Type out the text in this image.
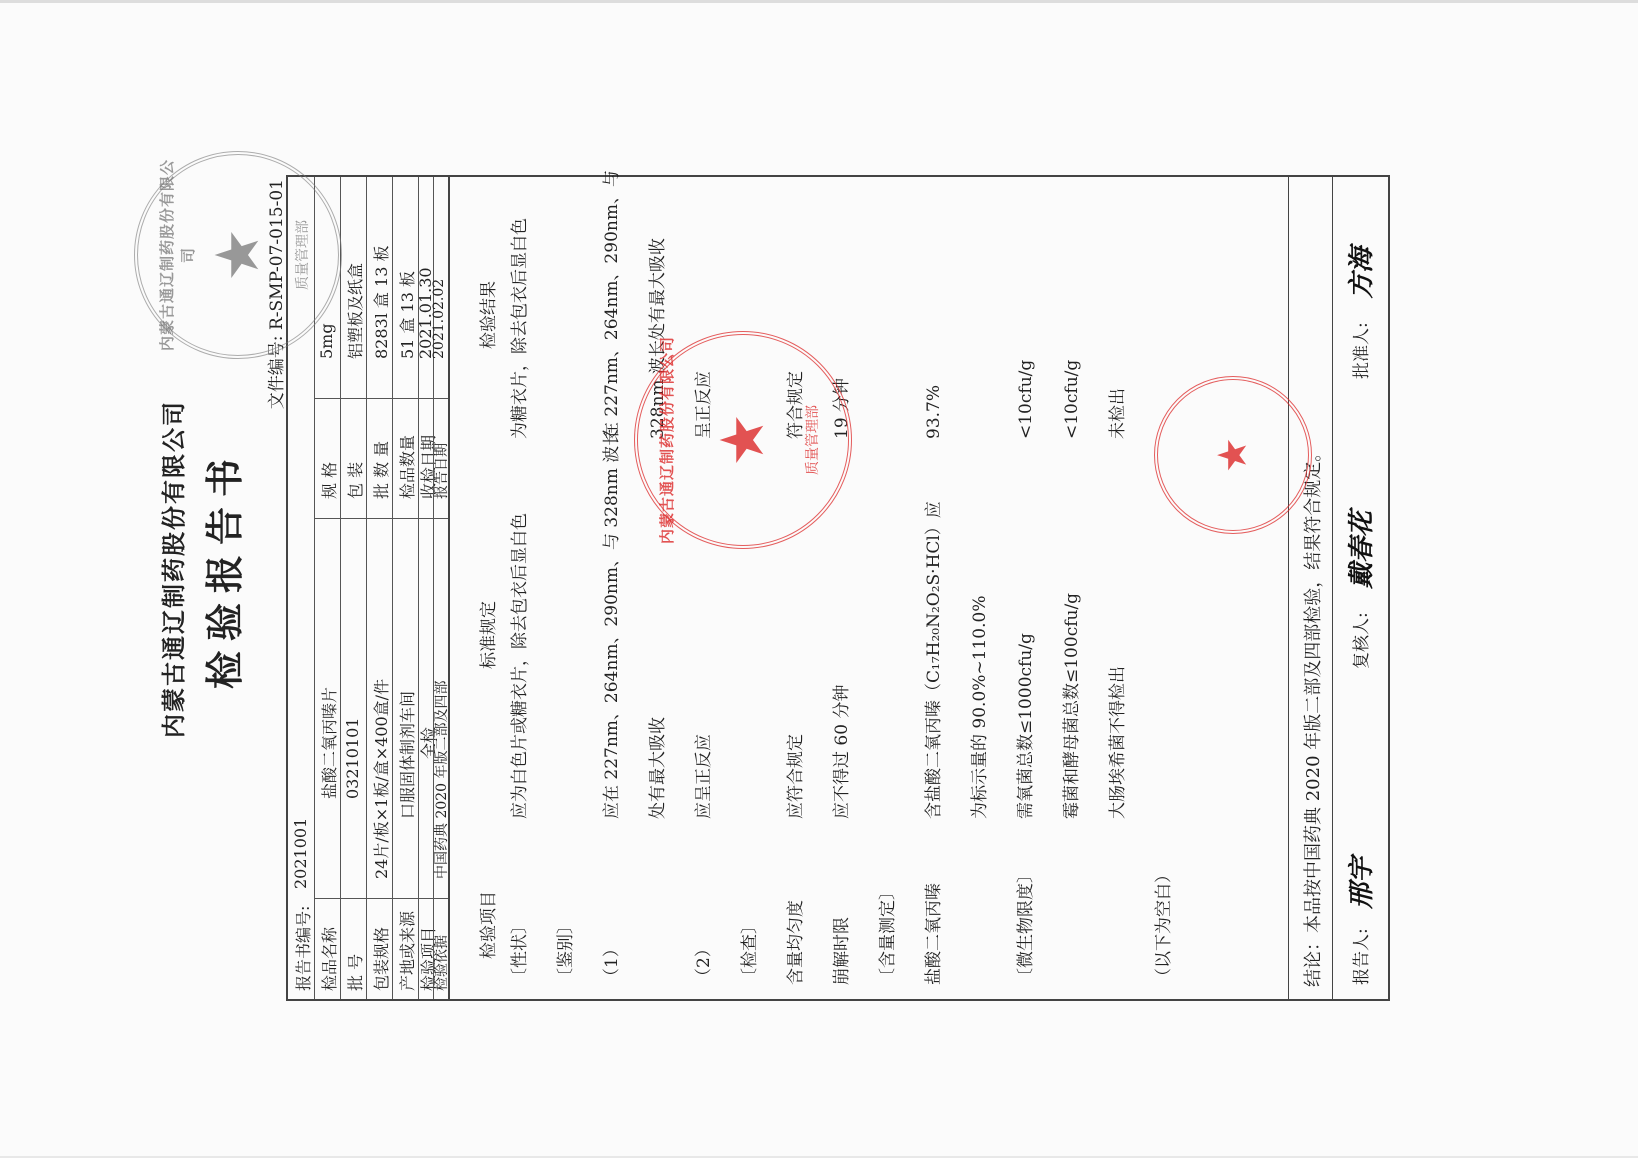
内蒙古通辽制药股份有限公司 检验报告书
文件编号: R-SMP-07-015-01
报告书编号:
2021001
检品名称
盐酸二氧丙嗪片
规 格
5mg
批 号
03210101
包 装
铝塑板及纸盒
包装规格
24片/板×1板/盒×400盒/件
批 数 量
8283l 盒 13 板
产地或来源
口服固体制剂车间
检品数量
51 盒 13 板
检验项目
全检
收检日期
2021.01.30
检验依据
中国药典 2020 年版二部及四部
报告日期
2021.02.02
检验项目
标准规定
检验结果
〔性状〕
应为白色片或糖衣片，除去包衣后显白色
为糖衣片，除去包衣后显白色
〔鉴别〕 （1）
应在 227nm、264nm、290nm、与 328nm 波长
在 227nm、264nm、290nm、与
处有最大吸收
328nm 波长处有最大吸收
（2）
应呈正反应
呈正反应
〔检查〕 含量均匀度
应符合规定
符合规定
崩解时限
应不得过 60 分钟
19 分钟
〔含量测定〕 盐酸二氧丙嗪
含盐酸二氧丙嗪（C₁₇H₂₀N₂O₂S·HCl）应
93.7%
为标示量的 90.0%~110.0%
〔微生物限度〕
需氧菌总数≤1000cfu/g
<10cfu/g
霉菌和酵母菌总数≤100cfu/g
<10cfu/g
大肠埃希菌不得检出
未检出
（以下为空白）	结论：本品按中国药典 2020 年版二部及四部检验，结果符合规定。 报告人:
邢宇
复核人:
戴春花
批准人:
方海
内蒙古通辽制药股份有限公司 ★ 质量管理部	★
内蒙古通辽制药股份有限公司 ★ 质量管理部
